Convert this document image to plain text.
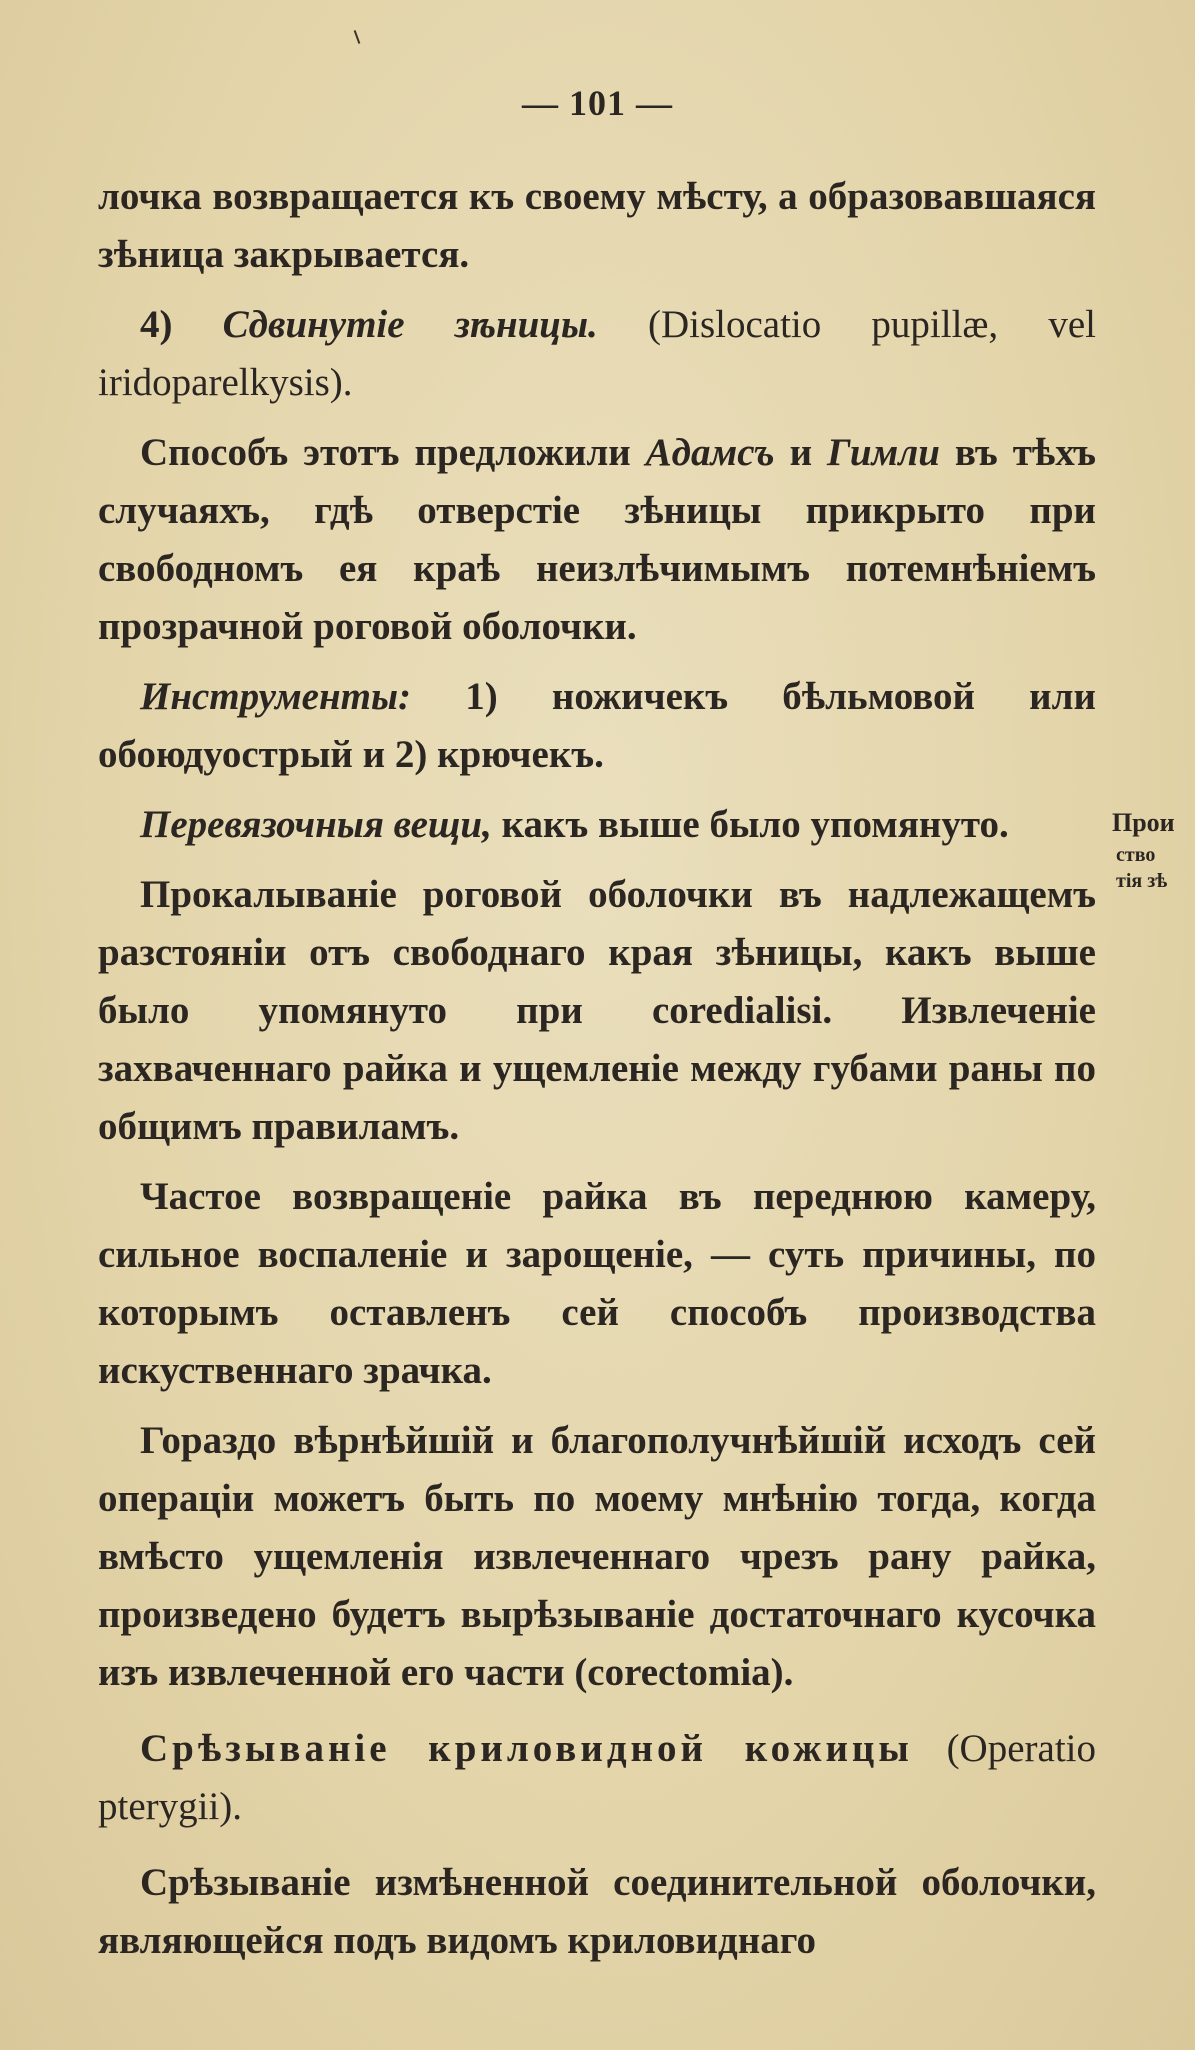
— 101 —

лочка возвращается къ своему мѣсту, а образовавшаяся зѣница закрывается.

4) Сдвинутіе зѣницы. (Dislocatio pupillæ, vel iridoparelkysis).

Способъ этотъ предложили Адамсъ и Гимли въ тѣхъ случаяхъ, гдѣ отверстіе зѣницы прикрыто при свободномъ ея краѣ неизлѣчимымъ потемнѣніемъ прозрачной роговой оболочки.

Инструменты: 1) ножичекъ бѣльмовой или обоюдуострый и 2) крючекъ.

Перевязочныя вещи, какъ выше было упомянуто.

Прокалываніе роговой оболочки въ надлежащемъ разстояніи отъ свободнаго края зѣницы, какъ выше было упомянуто при coredialisi. Извлеченіе захваченнаго райка и ущемленіе между губами раны по общимъ правиламъ.

Частое возвращеніе райка въ переднюю камеру, сильное воспаленіе и зарощеніе, — суть причины, по которымъ оставленъ сей способъ производства искуственнаго зрачка.

Гораздо вѣрнѣйшій и благополучнѣйшій исходъ сей операціи можетъ быть по моему мнѣнію тогда, когда вмѣсто ущемленія извлеченнаго чрезъ рану райка, произведено будетъ вырѣзываніе достаточнаго кусочка изъ извлеченной его части (corectomia).

Срѣзываніе криловидной кожицы (Operatio pterygii).

Срѣзываніе измѣненной соединительной оболочки, являющейся подъ видомъ криловиднаго

Прои
ство
тія зѣ
